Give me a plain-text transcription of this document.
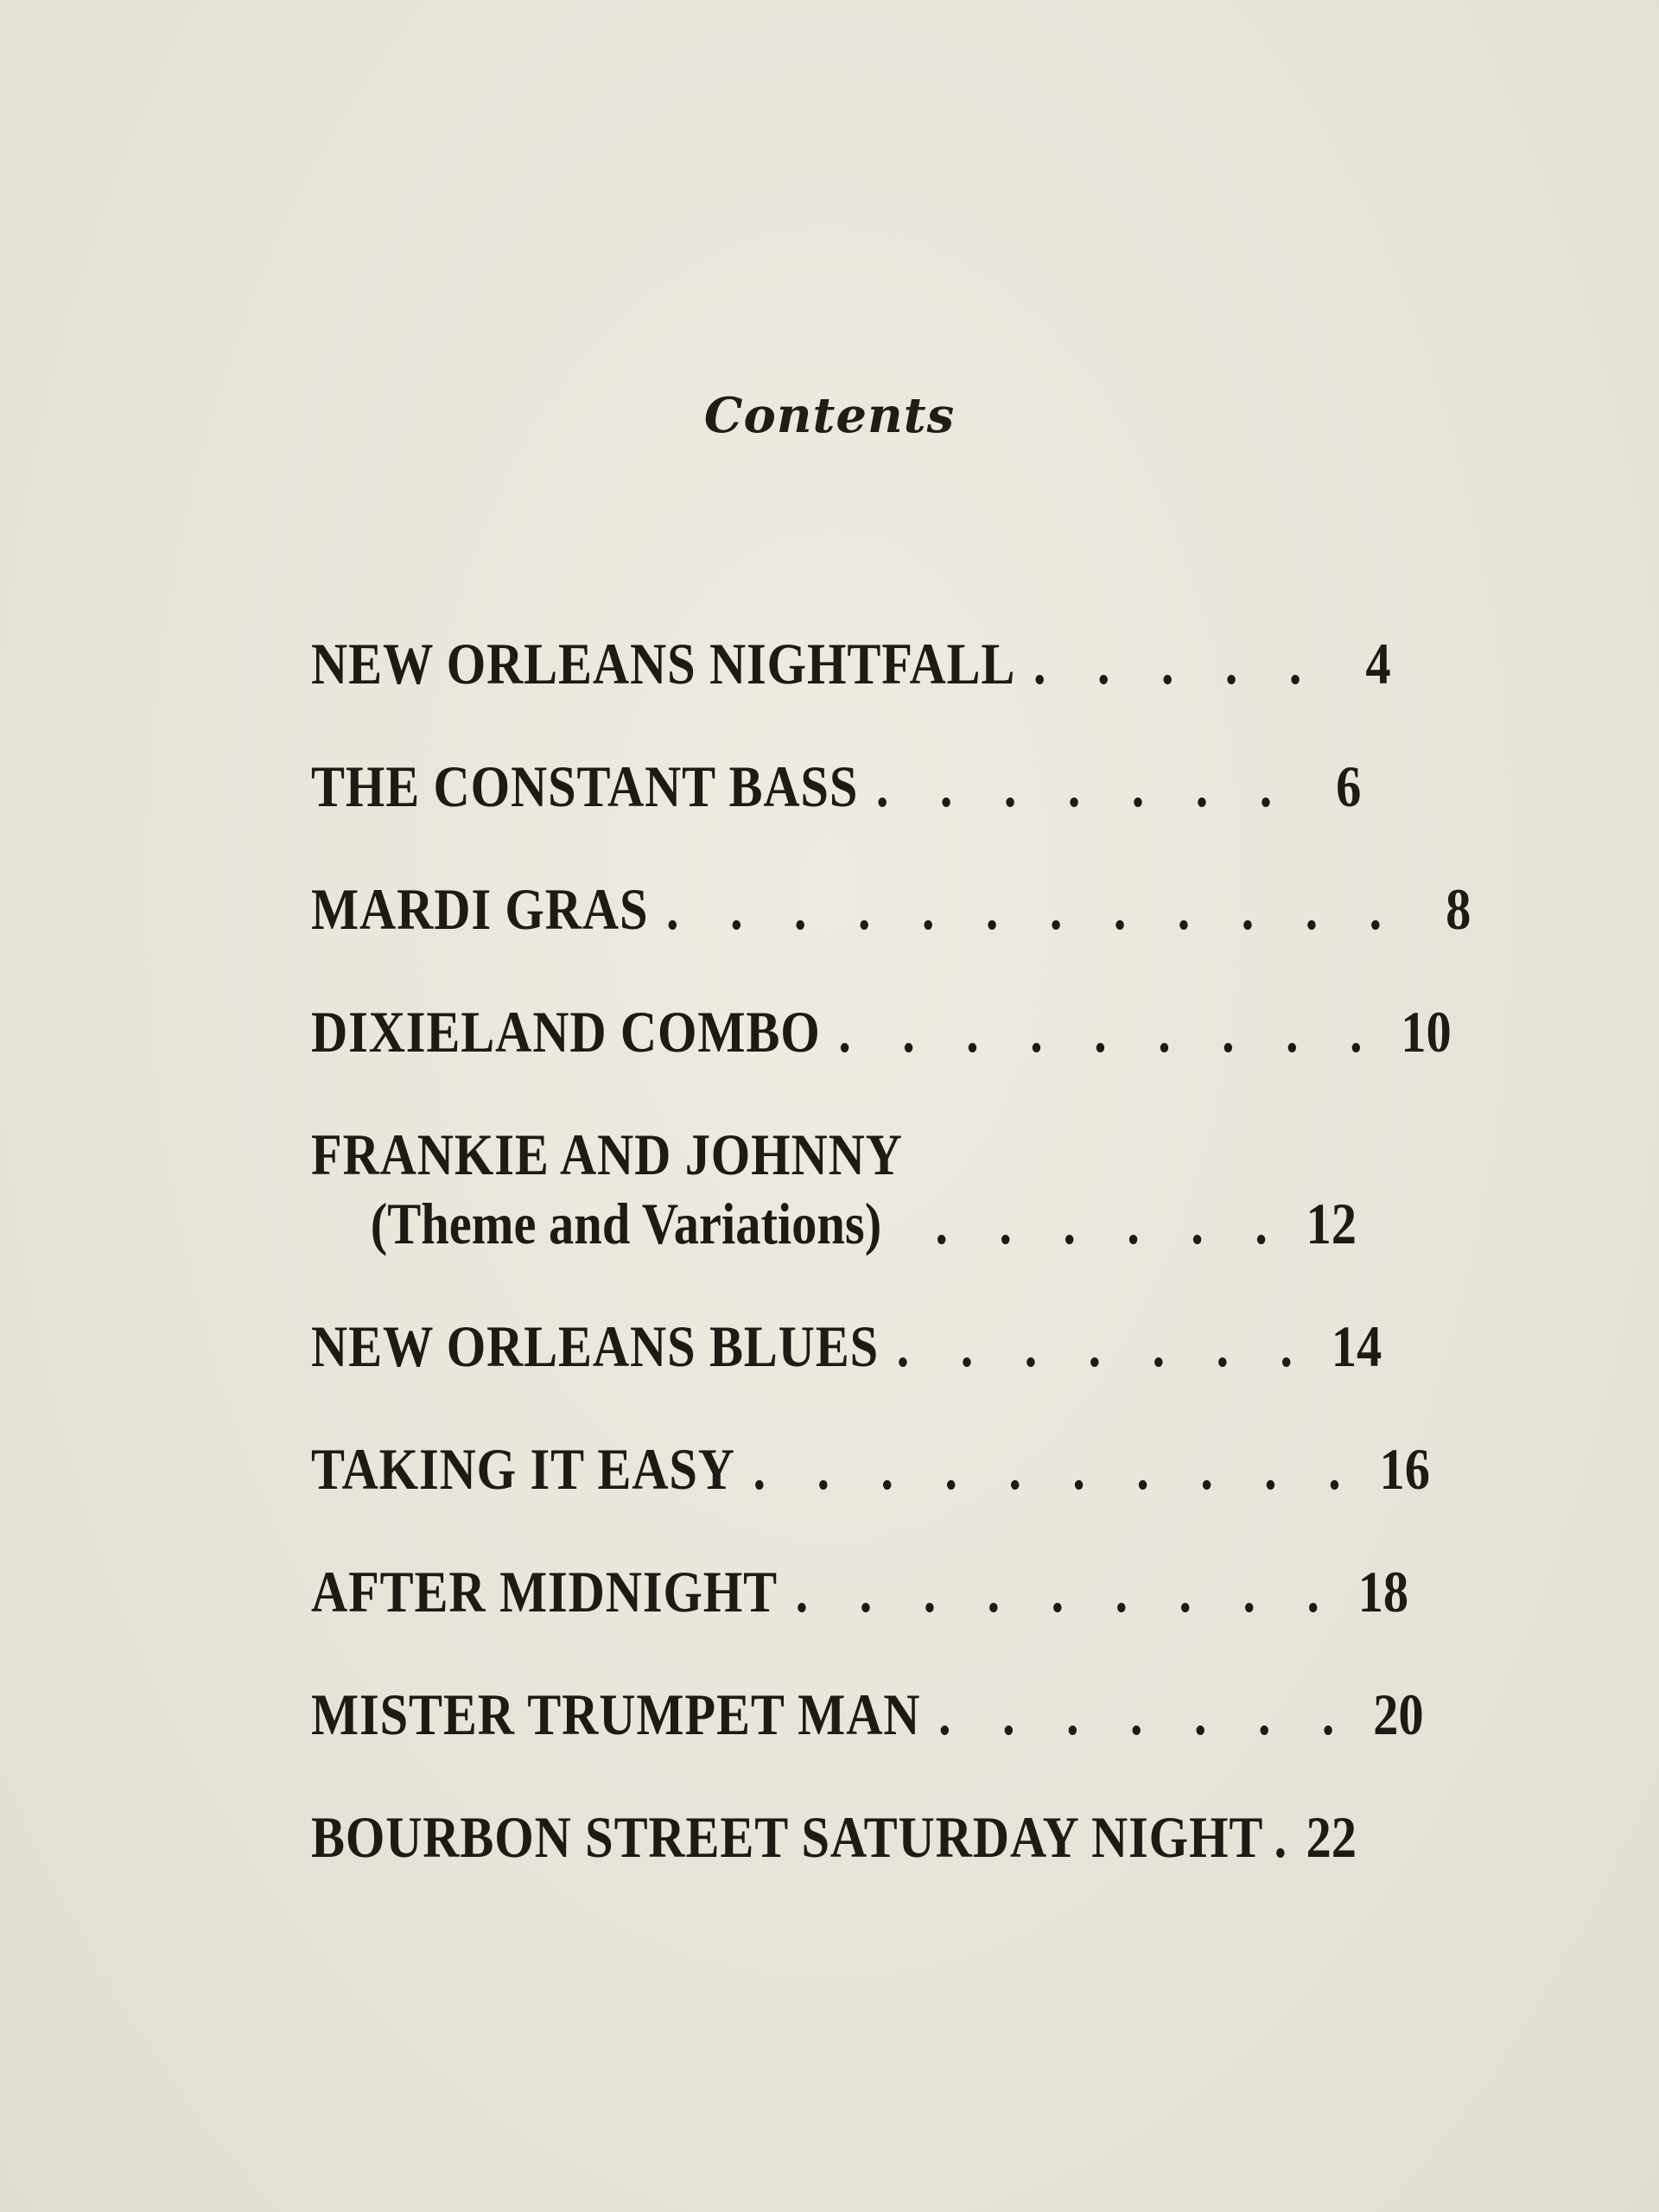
Contents
NEW ORLEANS NIGHTFALL . . . . . 4
THE CONSTANT BASS . . . . . . . 6
MARDI GRAS . . . . . . . . . . . . 8
DIXIELAND COMBO . . . . . . . . . 10
FRANKIE AND JOHNNY
(Theme and Variations) . . . . . . 12
NEW ORLEANS BLUES . . . . . . . 14
TAKING IT EASY . . . . . . . . . . 16
AFTER MIDNIGHT . . . . . . . . . 18
MISTER TRUMPET MAN . . . . . . . 20
BOURBON STREET SATURDAY NIGHT . 22
